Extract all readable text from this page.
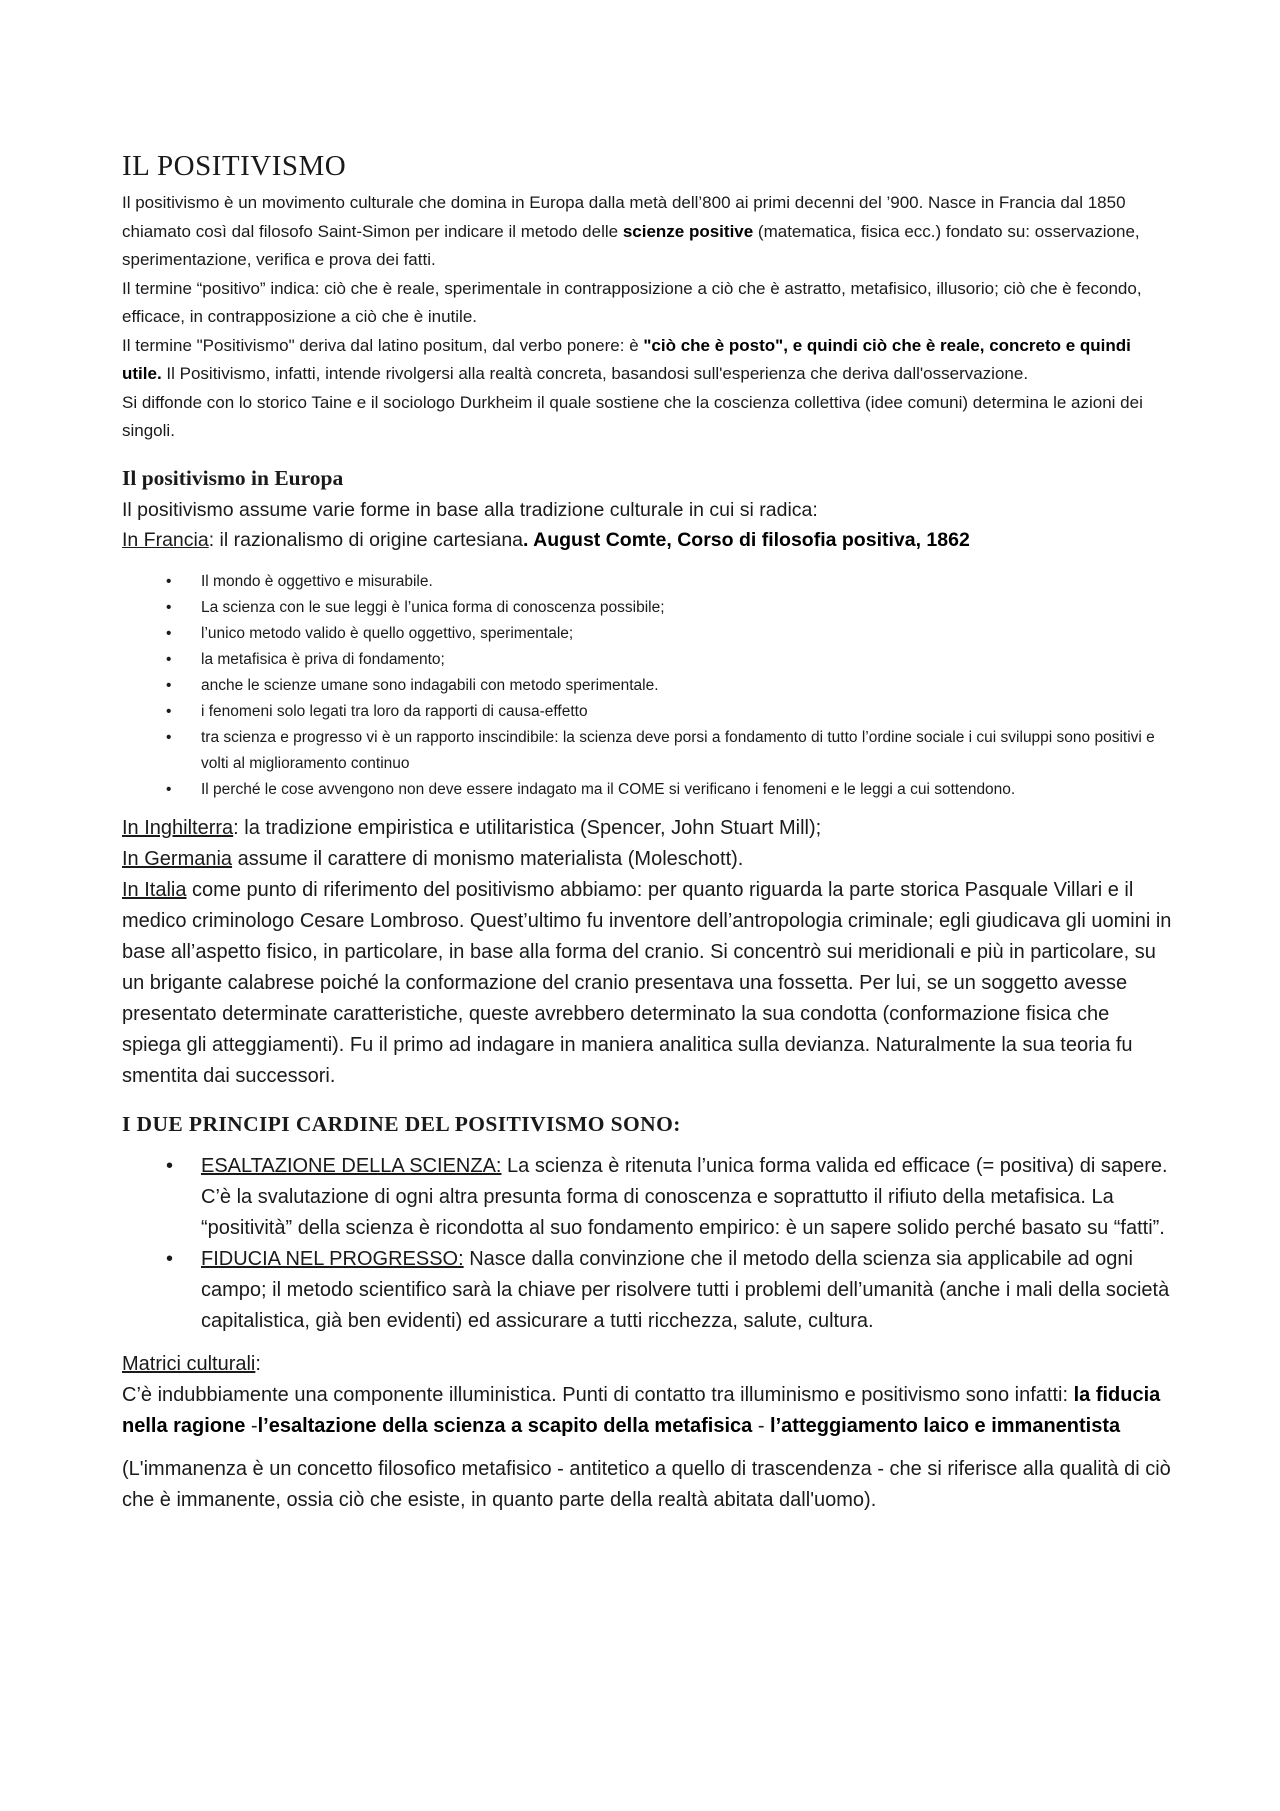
IL POSITIVISMO

Il positivismo è un movimento culturale che domina in Europa dalla metà dell’800 ai primi decenni del ’900. Nasce in Francia dal 1850 chiamato così dal filosofo Saint-Simon per indicare il metodo delle scienze positive (matematica, fisica ecc.) fondato su: osservazione, sperimentazione, verifica e prova dei fatti.

Il termine “positivo” indica: ciò che è reale, sperimentale in contrapposizione a ciò che è astratto, metafisico, illusorio; ciò che è fecondo, efficace, in contrapposizione a ciò che è inutile.

Il termine "Positivismo" deriva dal latino positum, dal verbo ponere: è "ciò che è posto", e quindi ciò che è reale, concreto e quindi utile. Il Positivismo, infatti, intende rivolgersi alla realtà concreta, basandosi sull'esperienza che deriva dall'osservazione.

Si diffonde con lo storico Taine e il sociologo Durkheim il quale sostiene che la coscienza collettiva (idee comuni) determina le azioni dei singoli.

Il positivismo in Europa

Il positivismo assume varie forme in base alla tradizione culturale in cui si radica:

In Francia: il razionalismo di origine cartesiana. August Comte, Corso di filosofia positiva, 1862

• Il mondo è oggettivo e misurabile.
• La scienza con le sue leggi è l’unica forma di conoscenza possibile;
• l’unico metodo valido è quello oggettivo, sperimentale;
• la metafisica è priva di fondamento;
• anche le scienze umane sono indagabili con metodo sperimentale.
• i fenomeni solo legati tra loro da rapporti di causa-effetto
• tra scienza e progresso vi è un rapporto inscindibile: la scienza deve porsi a fondamento di tutto l’ordine sociale i cui sviluppi sono positivi e volti al miglioramento continuo
• Il perché le cose avvengono non deve essere indagato ma il COME si verificano i fenomeni e le leggi a cui sottendono.

In Inghilterra: la tradizione empiristica e utilitaristica (Spencer, John Stuart Mill);

In Germania assume il carattere di monismo materialista (Moleschott).

In Italia come punto di riferimento del positivismo abbiamo: per quanto riguarda la parte storica Pasquale Villari e il medico criminologo Cesare Lombroso. Quest’ultimo fu inventore dell’antropologia criminale; egli giudicava gli uomini in base all’aspetto fisico, in particolare, in base alla forma del cranio. Si concentrò sui meridionali e più in particolare, su un brigante calabrese poiché la conformazione del cranio presentava una fossetta. Per lui, se un soggetto avesse presentato determinate caratteristiche, queste avrebbero determinato la sua condotta (conformazione fisica che spiega gli atteggiamenti). Fu il primo ad indagare in maniera analitica sulla devianza. Naturalmente la sua teoria fu smentita dai successori.

I DUE PRINCIPI CARDINE DEL POSITIVISMO SONO:
• ESALTAZIONE DELLA SCIENZA: La scienza è ritenuta l’unica forma valida ed efficace (= positiva) di sapere. C’è la svalutazione di ogni altra presunta forma di conoscenza e soprattutto il rifiuto della metafisica. La “positività” della scienza è ricondotta al suo fondamento empirico: è un sapere solido perché basato su “fatti”.
• FIDUCIA NEL PROGRESSO: Nasce dalla convinzione che il metodo della scienza sia applicabile ad ogni campo; il metodo scientifico sarà la chiave per risolvere tutti i problemi dell’umanità (anche i mali della società capitalistica, già ben evidenti) ed assicurare a tutti ricchezza, salute, cultura.

Matrici culturali:

C’è indubbiamente una componente illuministica. Punti di contatto tra illuminismo e positivismo sono infatti: la fiducia nella ragione -l’esaltazione della scienza a scapito della metafisica - l’atteggiamento laico e immanentista

(L'immanenza è un concetto filosofico metafisico - antitetico a quello di trascendenza - che si riferisce alla qualità di ciò che è immanente, ossia ciò che esiste, in quanto parte della realtà abitata dall'uomo).
